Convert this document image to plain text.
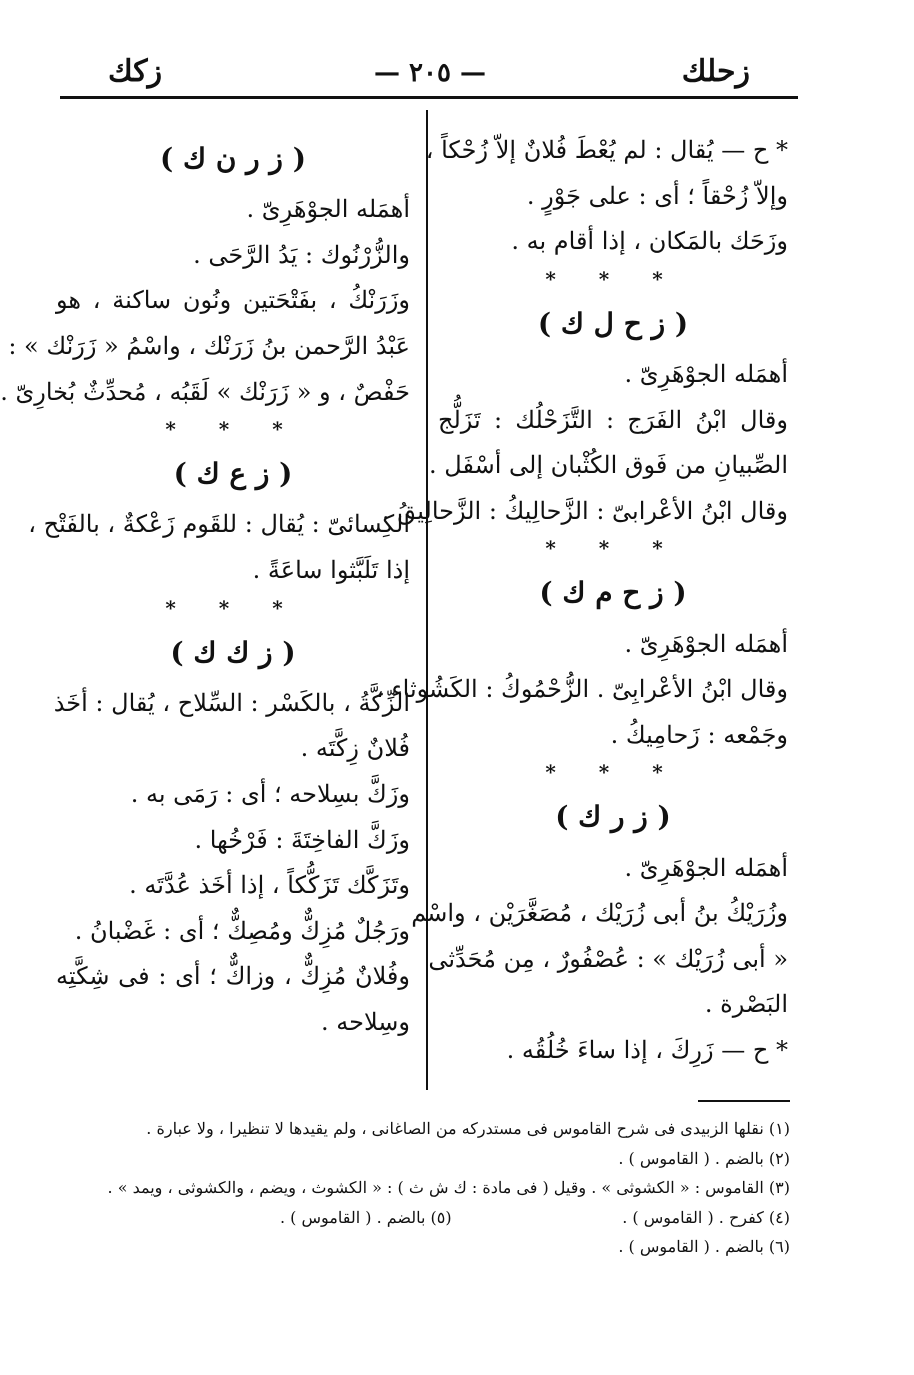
زحلك
— ٢٠٥ —
زكك
* ح — يُقال : لم يُعْطَ فُلانٌ إلاّ زُحْكاً ،
وإلاّ زُحْقاً ؛ أى : على جَوْرٍ .
وزَحَك بالمَكان ، إذا أقام به .
* * *
( ز ح ل ك )
أهمَله الجوْهَرِىّ .
وقال ابْنُ الفَرَج : التَّزَحْلُك : تَزَلُّج
الصِّبيانِ من فَوق الكُثْبان إلى أسْفَل .
وقال ابْنُ الأعْرابىّ : الزَّحالِيكُ : الزَّحالِيقُ .
* * *
( ز ح م ك )
أهمَله الجوْهَرِىّ .
وقال ابْنُ الأعْرابِىّ . الزُّحْمُوكُ : الكَشُوثاء ،
وجَمْعه : زَحامِيكُ .
* * *
( ز ر ك )
أهمَله الجوْهَرِىّ .
وزُرَيْكُ بنُ أبى زُرَيْك ، مُصَغَّرَيْن ، واسْم
« أبى زُرَيْك » : عُصْفُورٌ ، مِن مُحَدِّثى
البَصْرة .
* ح — زَرِكَ ، إذا ساءَ خُلُقُه .
( ز ر ن ك )
أهمَله الجوْهَرِىّ .
والزُّرْنُوك : يَدُ الرَّحَى .
وزَرَنْكُ ، بفَتْحَتين ونُون ساكنة ، هو
عَبْدُ الرَّحمن بنُ زَرَنْك ، واسْمُ « زَرَنْك » :
حَفْصٌ ، و « زَرَنْك » لَقَبُه ، مُحدِّثٌ بُخارِىّ .
* * *
( ز ع ك )
الكِسائىّ : يُقال : للقَوم زَعْكةٌ ، بالفَتْح ،
إذا تَلَبَّثوا ساعَةً .
* * *
( ز ك ك )
الزِّكَّةُ ، بالكَسْر : السِّلاح ، يُقال : أخَذ
فُلانٌ زِكَّتَه .
وزَكَّ بسِلاحه ؛ أى : رَمَى به .
وزَكَّ الفاخِتَةَ : فَرْخُها .
وتَزَكَّك تَزَكُّكاً ، إذا أخَذ عُدَّتَه .
ورَجُلٌ مُزِكٌّ ومُصِكٌّ ؛ أى : غَضْبانُ .
وفُلانٌ مُزِكٌّ ، وزاكٌّ ؛ أى : فى شِكَّتِه
وسِلاحه .
(١) نقلها الزبيدى فى شرح القاموس فى مستدركه من الصاغانى ، ولم يقيدها لا تنظيرا ، ولا عبارة .
(٢) بالضم . ( القاموس ) .
(٣) القاموس : « الكشوثى » . وقيل ( فى مادة : ك ش ث ) : « الكشوث ، ويضم ، والكشوثى ، ويمد » .
(٤) كفرح . ( القاموس ) .
(٥) بالضم . ( القاموس ) .
(٦) بالضم . ( القاموس ) .
